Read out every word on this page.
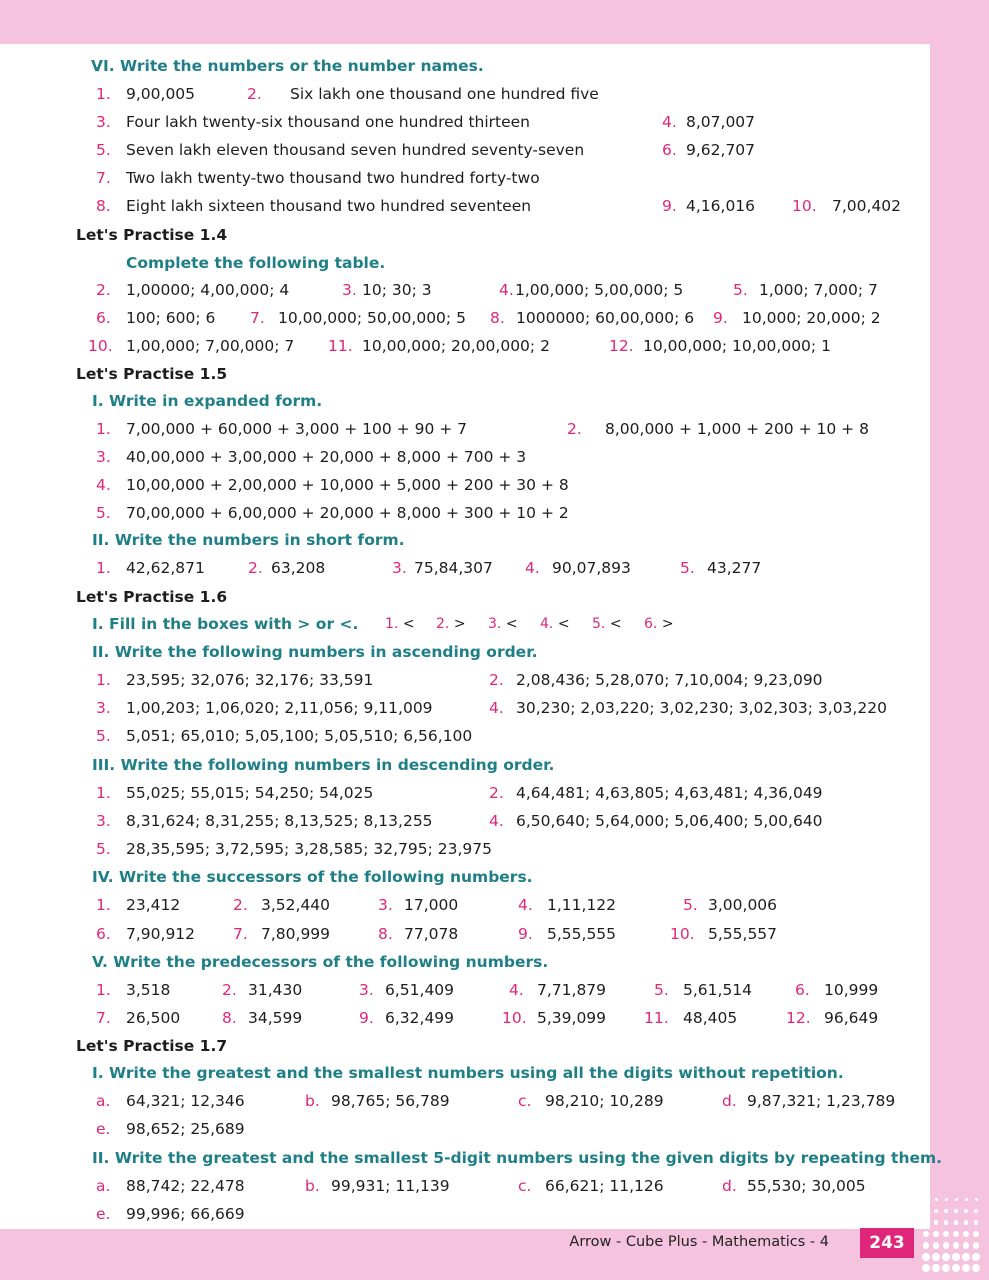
VI. Write the numbers or the number names.
1. 9,00,005	2. Six lakh one thousand one hundred five
3. Four lakh twenty-six thousand one hundred thirteen	4. 8,07,007
5. Seven lakh eleven thousand seven hundred seventy-seven	6. 9,62,707
7. Two lakh twenty-two thousand two hundred forty-two
8. Eight lakh sixteen thousand two hundred seventeen	9. 4,16,016 10. 7,00,402
Let's Practise 1.4
Complete the following table.
2. 1,00000; 4,00,000; 4	3. 10; 30; 3	4. 1,00,000; 5,00,000; 5	5. 1,000; 7,000; 7
6. 100; 600; 6 7. 10,00,000; 50,00,000; 5 8. 1000000; 60,00,000; 6 9. 10,000; 20,000; 2
10. 1,00,000; 7,00,000; 7 11. 10,00,000; 20,00,000; 2	12. 10,00,000; 10,00,000; 1
Let's Practise 1.5
I. Write in expanded form.
1. 7,00,000 + 60,000 + 3,000 + 100 + 90 + 7	2. 8,00,000 + 1,000 + 200 + 10 + 8
3. 40,00,000 + 3,00,000 + 20,000 + 8,000 + 700 + 3
4. 10,00,000 + 2,00,000 + 10,000 + 5,000 + 200 + 30 + 8
5. 70,00,000 + 6,00,000 + 20,000 + 8,000 + 300 + 10 + 2
II. Write the numbers in short form.
1. 42,62,871	2. 63,208	3. 75,84,307 4. 90,07,893	5. 43,277
Let's Practise 1.6
I. Fill in the boxes with > or <. 1. < 2. > 3. < 4. < 5. < 6. >
II. Write the following numbers in ascending order.
1. 23,595; 32,076; 32,176; 33,591	2. 2,08,436; 5,28,070; 7,10,004; 9,23,090
3. 1,00,203; 1,06,020; 2,11,056; 9,11,009	4. 30,230; 2,03,220; 3,02,230; 3,02,303; 3,03,220
5. 5,051; 65,010; 5,05,100; 5,05,510; 6,56,100
III. Write the following numbers in descending order.
1. 55,025; 55,015; 54,250; 54,025	2. 4,64,481; 4,63,805; 4,63,481; 4,36,049
3. 8,31,624; 8,31,255; 8,13,525; 8,13,255	4. 6,50,640; 5,64,000; 5,06,400; 5,00,640
5. 28,35,595; 3,72,595; 3,28,585; 32,795; 23,975
IV. Write the successors of the following numbers.
1. 23,412	2. 3,52,440	3. 17,000	4. 1,11,122	5. 3,00,006
6. 7,90,912 7. 7,80,999	8. 77,078	9. 5,55,555	10. 5,55,557
V. Write the predecessors of the following numbers.
1. 3,518	2. 31,430	3. 6,51,409	4. 7,71,879	5. 5,61,514	6. 10,999
7. 26,500	8. 34,599	9. 6,32,499	10. 5,39,099 11. 48,405	12. 96,649
Let's Practise 1.7
I. Write the greatest and the smallest numbers using all the digits without repetition.
a. 64,321; 12,346	b. 98,765; 56,789	c. 98,210; 10,289	d. 9,87,321; 1,23,789
e. 98,652; 25,689
II. Write the greatest and the smallest 5-digit numbers using the given digits by repeating them.
a. 88,742; 22,478	b. 99,931; 11,139	c. 66,621; 11,126	d. 55,530; 30,005
e. 99,996; 66,669
Arrow - Cube Plus - Mathematics - 4	243
